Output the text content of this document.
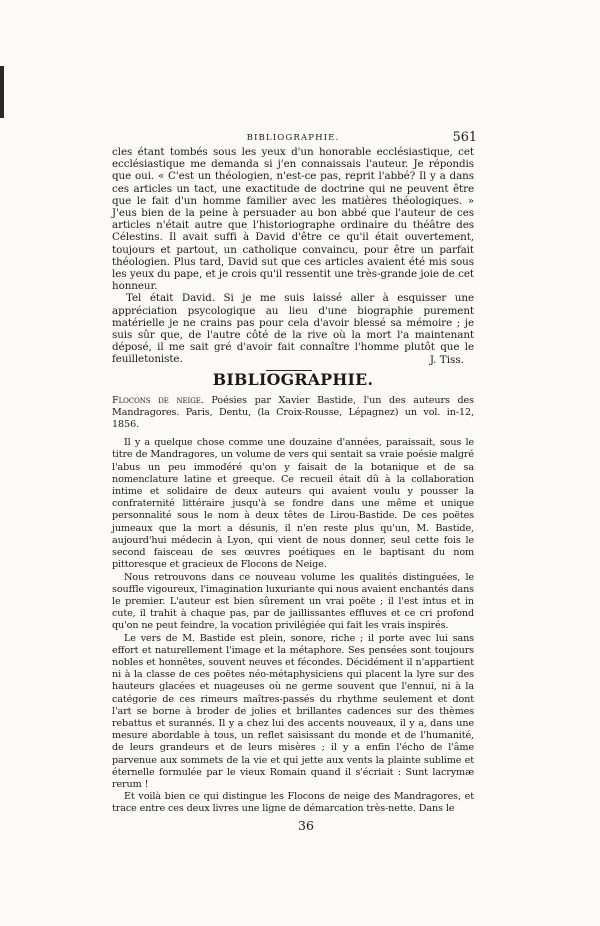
BIBLIOGRAPHIE.	561

cles étant tombés sous les yeux d'un honorable ecclésiastique, cet ecclésiastique me demanda si j'en connaissais l'auteur. Je répondis que oui. « C'est un théologien, n'est-ce pas, reprit l'abbé? Il y a dans ces articles un tact, une exactitude de doctrine qui ne peuvent être que le fait d'un homme familier avec les matières théologiques. » J'eus bien de la peine à persuader au bon abbé que l'auteur de ces articles n'était autre que l'historiographe ordinaire du théâtre des Célestins. Il avait suffi à David d'être ce qu'il était ouvertement, toujours et partout, un catholique convaincu, pour être un parfait théologien. Plus tard, David sut que ces articles avaient été mis sous les yeux du pape, et je crois qu'il ressentit une très-grande joie de cet honneur.

Tel était David. Si je me suis laissé aller à esquisser une appréciation psycologique au lieu d'une biographie purement matérielle je ne crains pas pour cela d'avoir blessé sa mémoire ; je suis sûr que, de l'autre côté de la rive où la mort l'a maintenant déposé, il me sait gré d'avoir fait connaître l'homme plutôt que le feuilletoniste.	J. Tiss.
BIBLIOGRAPHIE.

Flocons de neige. Poésies par Xavier Bastide, l'un des auteurs des Mandragores. Paris, Dentu, (la Croix-Rousse, Lépagnez) un vol. in-12, 1856.

Il y a quelque chose comme une douzaine d'années, paraissait, sous le titre de Mandragores, un volume de vers qui sentait sa vraie poésie malgré l'abus un peu immodéré qu'on y faisait de la botanique et de sa nomenclature latine et greeque. Ce recueil était dû à la collaboration intime et solidaire de deux auteurs qui avaient voulu y pousser la confraternité littéraire jusqu'à se fondre dans une même et unique personnalité sous le nom à deux têtes de Lirou-Bastide. De ces poëtes jumeaux que la mort a désunis, il n'en reste plus qu'un, M. Bastide, aujourd'hui médecin à Lyon, qui vient de nous donner, seul cette fois le second faisceau de ses œuvres poétiques en le baptisant du nom pittoresque et gracieux de Flocons de Neige.

Nous retrouvons dans ce nouveau volume les qualités distinguées, le souffle vigoureux, l'imagination luxuriante qui nous avaient enchantés dans le premier. L'auteur est bien sûrement un vrai poëte ; il l'est intus et in cute, il trahit à chaque pas, par de jaillissantes effluves et ce cri profond qu'on ne peut feindre, la vocation privilégiée qui fait les vrais inspirés.

Le vers de M. Bastide est plein, sonore, riche ; il porte avec lui sans effort et naturellement l'image et la métaphore. Ses pensées sont toujours nobles et honnêtes, souvent neuves et fécondes. Décidément il n'appartient ni à la classe de ces poëtes néo-métaphysiciens qui placent la lyre sur des hauteurs glacées et nuageuses où ne germe souvent que l'ennui, ni à la catégorie de ces rimeurs maîtres-passés du rhythme seulement et dont l'art se borne à broder de jolies et brillantes cadences sur des thèmes rebattus et surannés. Il y a chez lui des accents nouveaux, il y a, dans une mesure abordable à tous, un reflet saisissant du monde et de l'humanité, de leurs grandeurs et de leurs misères ; il y a enfin l'écho de l'âme parvenue aux sommets de la vie et qui jette aux vents la plainte sublime et éternelle formulée par le vieux Romain quand il s'écriait : Sunt lacrymæ rerum !

Et voilà bien ce qui distingue les Flocons de neige des Mandragores, et trace entre ces deux livres une ligne de démarcation très-nette. Dans le

36
